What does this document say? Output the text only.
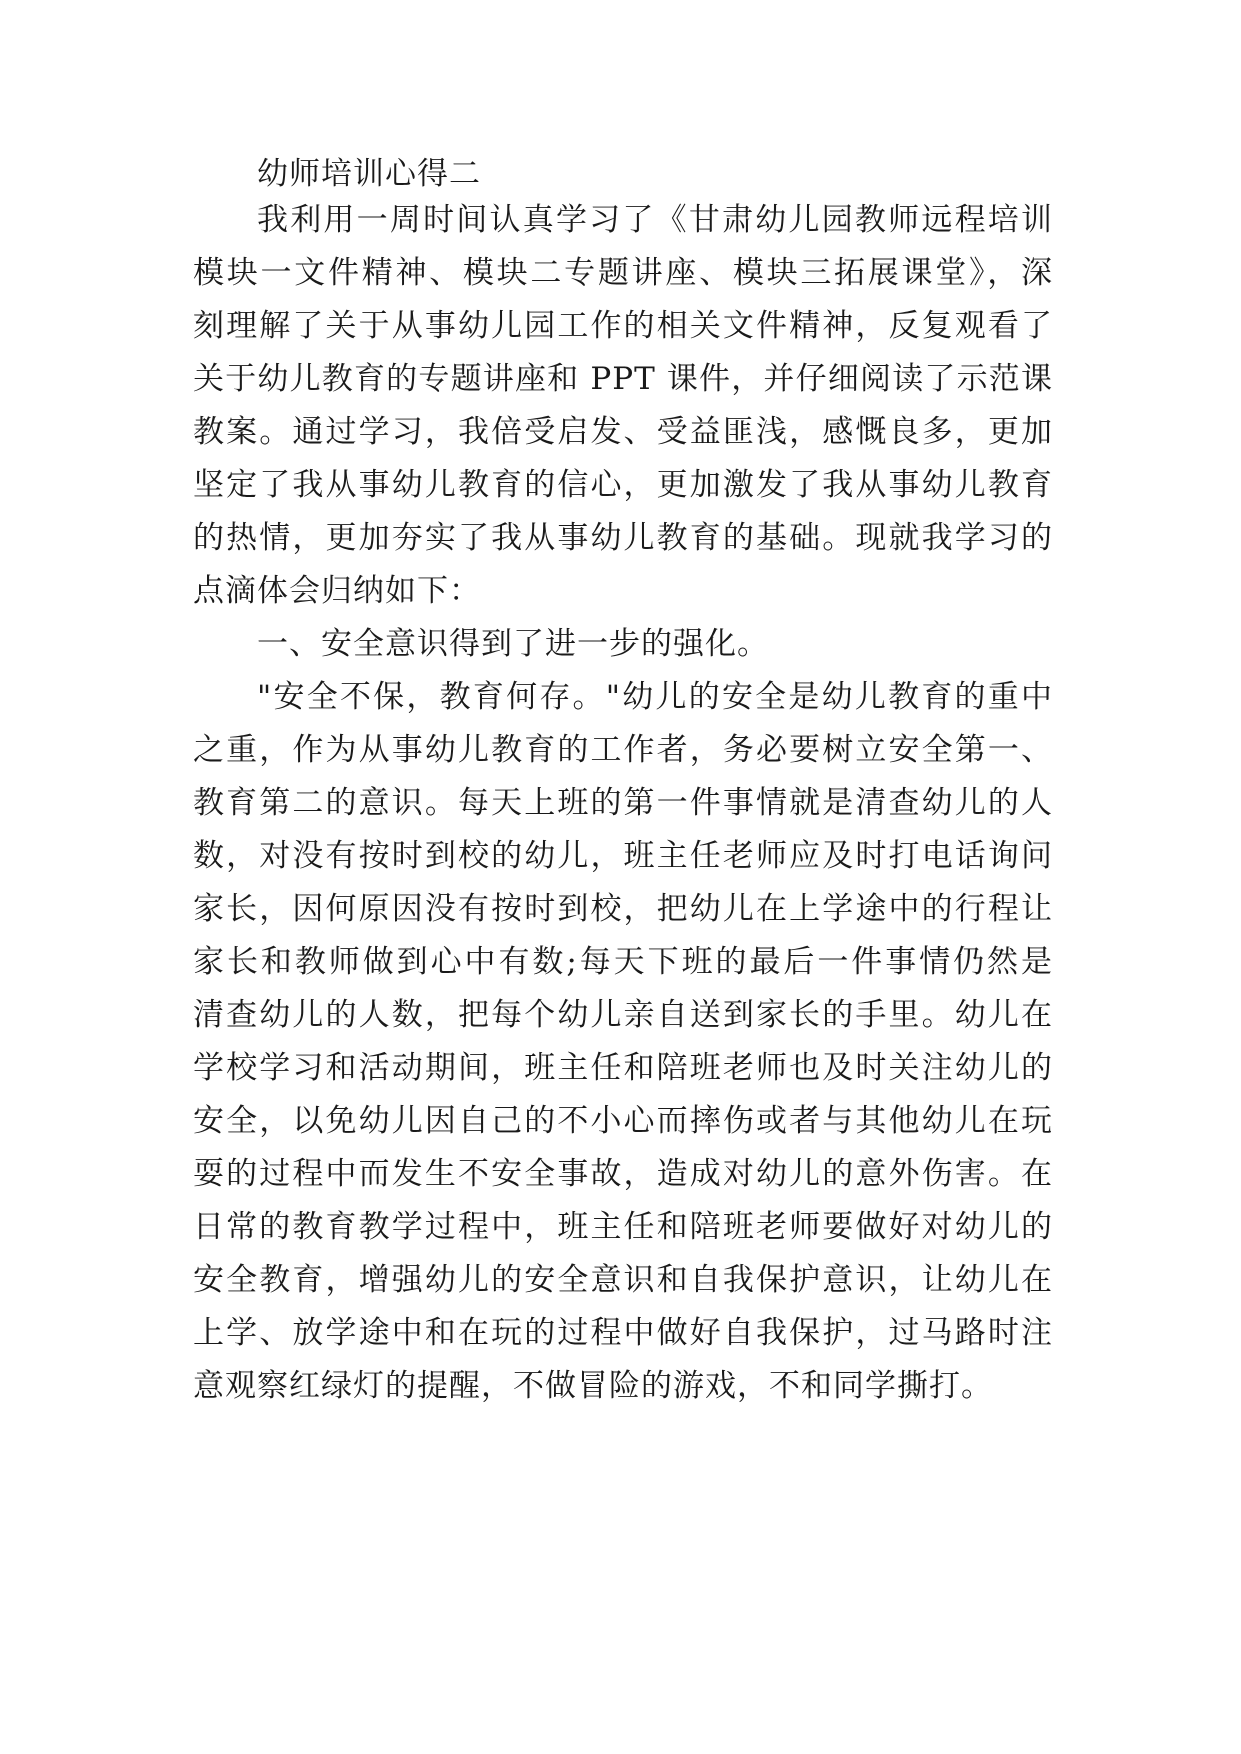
幼师培训心得二

我利用一周时间认真学习了《甘肃幼儿园教师远程培训

模块一文件精神、模块二专题讲座、模块三拓展课堂》，深

刻理解了关于从事幼儿园工作的相关文件精神，反复观看了

关于幼儿教育的专题讲座和 PPT 课件，并仔细阅读了示范课

教案。通过学习，我倍受启发、受益匪浅，感慨良多，更加

坚定了我从事幼儿教育的信心，更加激发了我从事幼儿教育

的热情，更加夯实了我从事幼儿教育的基础。现就我学习的

点滴体会归纳如下：

一、安全意识得到了进一步的强化。

"安全不保，教育何存。"幼儿的安全是幼儿教育的重中

之重，作为从事幼儿教育的工作者，务必要树立安全第一、

教育第二的意识。每天上班的第一件事情就是清查幼儿的人

数，对没有按时到校的幼儿，班主任老师应及时打电话询问

家长，因何原因没有按时到校，把幼儿在上学途中的行程让

家长和教师做到心中有数;每天下班的最后一件事情仍然是

清查幼儿的人数，把每个幼儿亲自送到家长的手里。幼儿在

学校学习和活动期间，班主任和陪班老师也及时关注幼儿的

安全，以免幼儿因自己的不小心而摔伤或者与其他幼儿在玩

耍的过程中而发生不安全事故，造成对幼儿的意外伤害。在

日常的教育教学过程中，班主任和陪班老师要做好对幼儿的

安全教育，增强幼儿的安全意识和自我保护意识，让幼儿在

上学、放学途中和在玩的过程中做好自我保护，过马路时注

意观察红绿灯的提醒，不做冒险的游戏，不和同学撕打。
